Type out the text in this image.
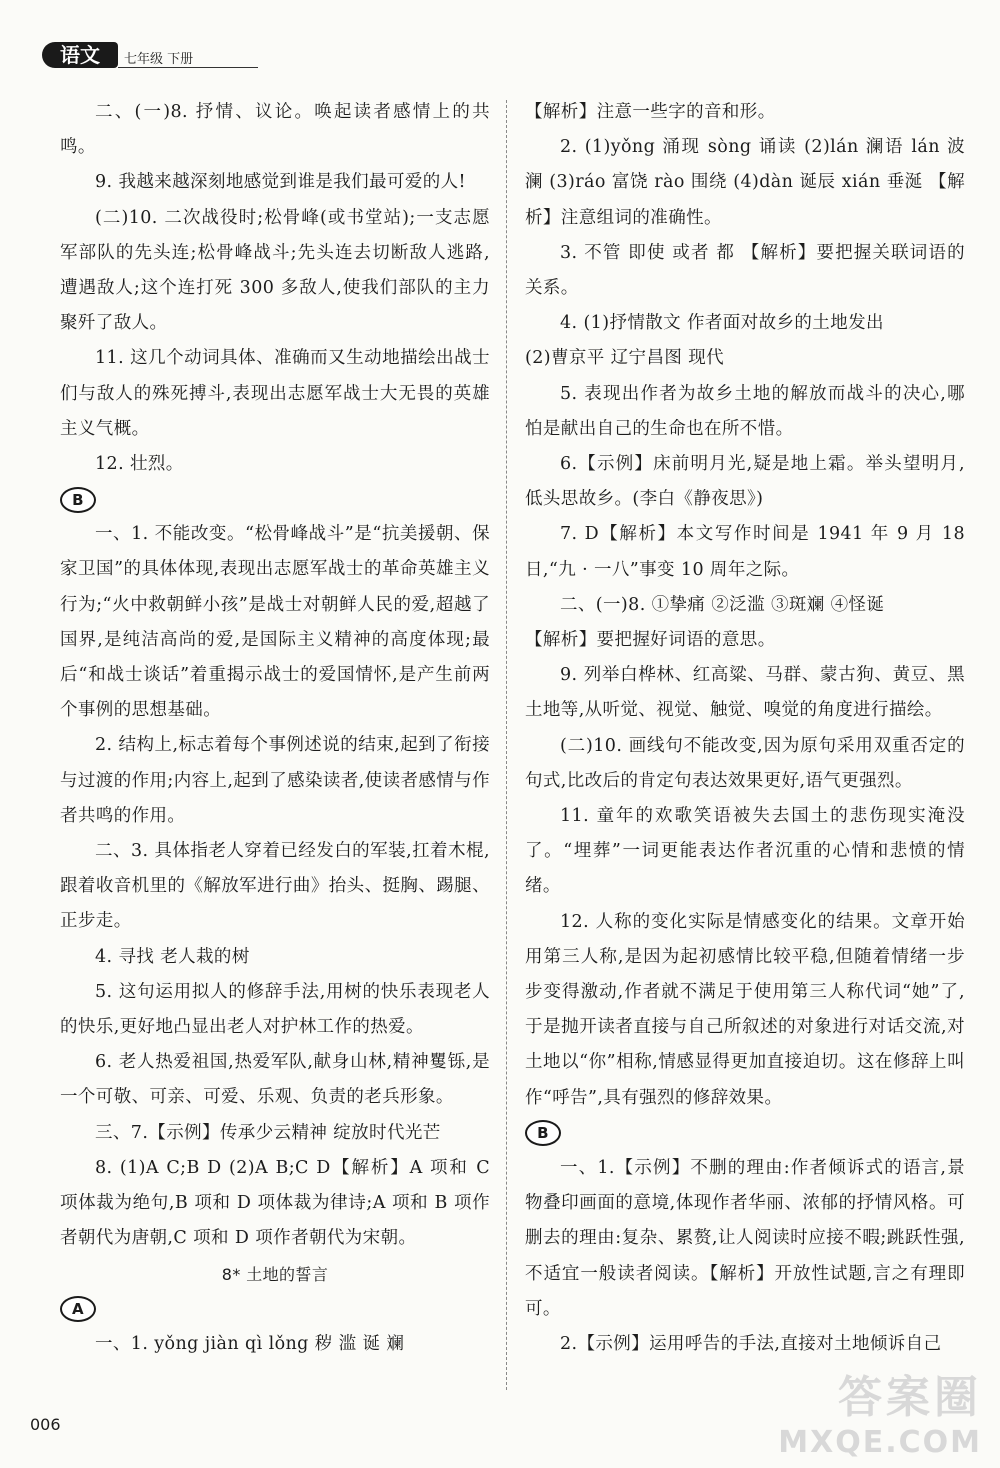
语文	七年级 下册

二、(一)8. 抒情、议论。唤起读者感情上的共鸣。

9. 我越来越深刻地感觉到谁是我们最可爱的人!

(二)10. 二次战役时;松骨峰(或书堂站);一支志愿军部队的先头连;松骨峰战斗;先头连去切断敌人逃路,遭遇敌人;这个连打死 300 多敌人,使我们部队的主力聚歼了敌人。

11. 这几个动词具体、准确而又生动地描绘出战士们与敌人的殊死搏斗,表现出志愿军战士大无畏的英雄主义气概。

12. 壮烈。

B

一、1. 不能改变。“松骨峰战斗”是“抗美援朝、保家卫国”的具体体现,表现出志愿军战士的革命英雄主义行为;“火中救朝鲜小孩”是战士对朝鲜人民的爱,超越了国界,是纯洁高尚的爱,是国际主义精神的高度体现;最后“和战士谈话”着重揭示战士的爱国情怀,是产生前两个事例的思想基础。

2. 结构上,标志着每个事例述说的结束,起到了衔接与过渡的作用;内容上,起到了感染读者,使读者感情与作者共鸣的作用。

二、3. 具体指老人穿着已经发白的军装,扛着木棍,跟着收音机里的《解放军进行曲》抬头、挺胸、踢腿、正步走。

4. 寻找 老人栽的树

5. 这句运用拟人的修辞手法,用树的快乐表现老人的快乐,更好地凸显出老人对护林工作的热爱。

6. 老人热爱祖国,热爱军队,献身山林,精神矍铄,是一个可敬、可亲、可爱、乐观、负责的老兵形象。

三、7.【示例】传承少云精神 绽放时代光芒

8. (1)A C;B D (2)A B;C D【解析】A 项和 C 项体裁为绝句,B 项和 D 项体裁为律诗;A 项和 B 项作者朝代为唐朝,C 项和 D 项作者朝代为宋朝。

8* 土地的誓言

A

一、1. yǒng jiàn qì lǒng 秽 滥 诞 斓

【解析】注意一些字的音和形。

2. (1)yǒng 涌现 sòng 诵读 (2)lán 澜语 lán 波澜 (3)ráo 富饶 rào 围绕 (4)dàn 诞辰 xián 垂涎 【解析】注意组词的准确性。

3. 不管 即使 或者 都 【解析】要把握关联词语的关系。

4. (1)抒情散文 作者面对故乡的土地发出

(2)曹京平 辽宁昌图 现代

5. 表现出作者为故乡土地的解放而战斗的决心,哪怕是献出自己的生命也在所不惜。

6.【示例】床前明月光,疑是地上霜。举头望明月,低头思故乡。(李白《静夜思》)

7. D【解析】本文写作时间是 1941 年 9 月 18 日,“九 · 一八”事变 10 周年之际。

二、(一)8. ①挚痛 ②泛滥 ③斑斓 ④怪诞

【解析】要把握好词语的意思。

9. 列举白桦林、红高粱、马群、蒙古狗、黄豆、黑土地等,从听觉、视觉、触觉、嗅觉的角度进行描绘。

(二)10. 画线句不能改变,因为原句采用双重否定的句式,比改后的肯定句表达效果更好,语气更强烈。

11. 童年的欢歌笑语被失去国土的悲伤现实淹没了。“埋葬”一词更能表达作者沉重的心情和悲愤的情绪。

12. 人称的变化实际是情感变化的结果。文章开始用第三人称,是因为起初感情比较平稳,但随着情绪一步步变得激动,作者就不满足于使用第三人称代词“她”了,于是抛开读者直接与自己所叙述的对象进行对话交流,对土地以“你”相称,情感显得更加直接迫切。这在修辞上叫作“呼告”,具有强烈的修辞效果。

B

一、1.【示例】不删的理由:作者倾诉式的语言,景物叠印画面的意境,体现作者华丽、浓郁的抒情风格。可删去的理由:复杂、累赘,让人阅读时应接不暇;跳跃性强,不适宜一般读者阅读。【解析】开放性试题,言之有理即可。

2.【示例】运用呼告的手法,直接对土地倾诉自己

006
答案圈
MXQE.COM
